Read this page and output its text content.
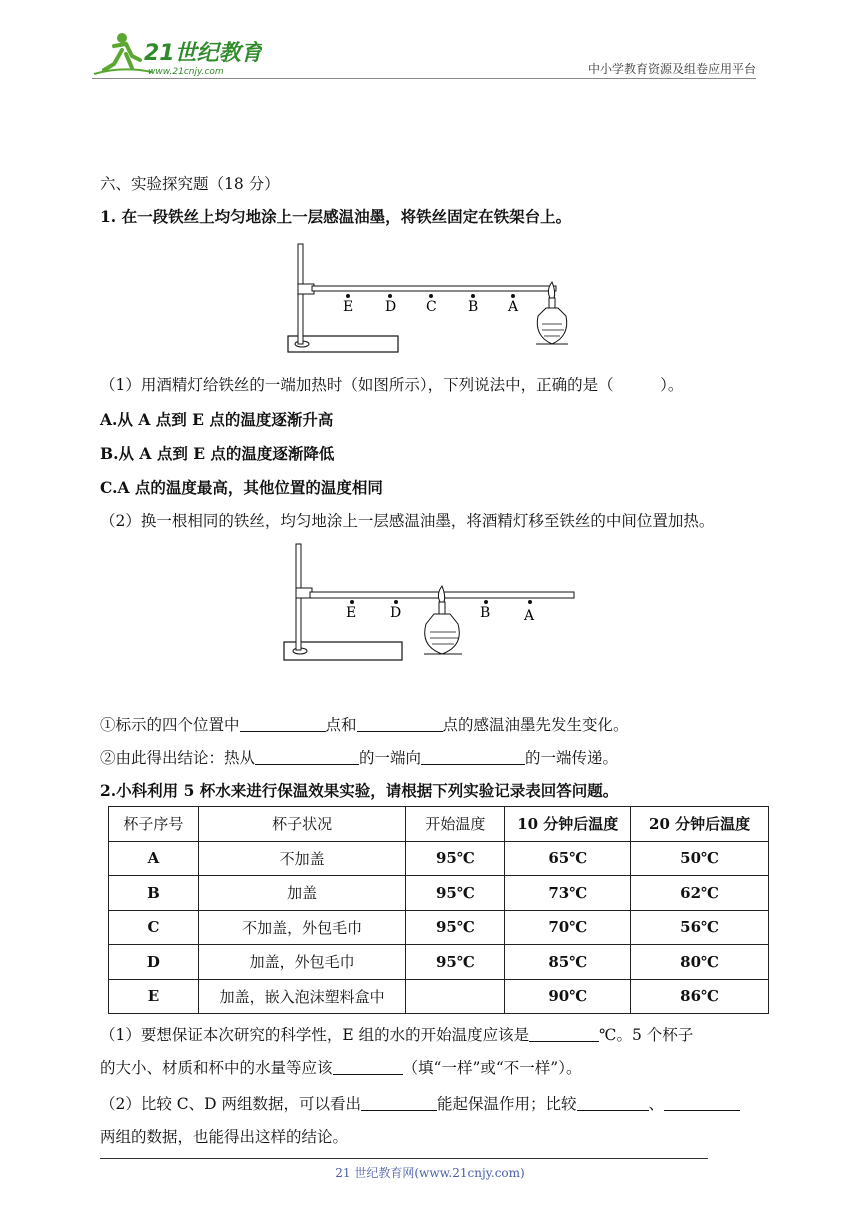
21世纪教育
www.21cnjy.com	中小学教育资源及组卷应用平台
六、实验探究题（18 分）
1. 在一段铁丝上均匀地涂上一层感温油墨，将铁丝固定在铁架台上。
E D C B A
（1）用酒精灯给铁丝的一端加热时（如图所示），下列说法中，正确的是（　　　）。
A.从 A 点到 E 点的温度逐渐升高
B.从 A 点到 E 点的温度逐渐降低
C.A 点的温度最高，其他位置的温度相同
（2）换一根相同的铁丝，均匀地涂上一层感温油墨，将酒精灯移至铁丝的中间位置加热。
E D	B A
①标示的四个位置中	点和	点的感温油墨先发生变化。
②由此得出结论：热从	的一端向	的一端传递。
2.小科利用 5 杯水来进行保温效果实验，请根据下列实验记录表回答问题。
杯子序号	杯子状况	开始温度	10 分钟后温度	20 分钟后温度
A	不加盖	95℃	65℃	50℃
B	加盖	95℃	73℃	62℃
C	不加盖，外包毛巾	95℃	70℃	56℃
D	加盖，外包毛巾	95℃	85℃	80℃
E	加盖，嵌入泡沫塑料盒中		90℃	86℃
（1）要想保证本次研究的科学性，E 组的水的开始温度应该是	℃。5 个杯子
的大小、材质和杯中的水量等应该	（填“一样”或“不一样”）。
（2）比较 C、D 两组数据，可以看出	能起保温作用；比较	、
两组的数据，也能得出这样的结论。
21 世纪教育网(www.21cnjy.com)
